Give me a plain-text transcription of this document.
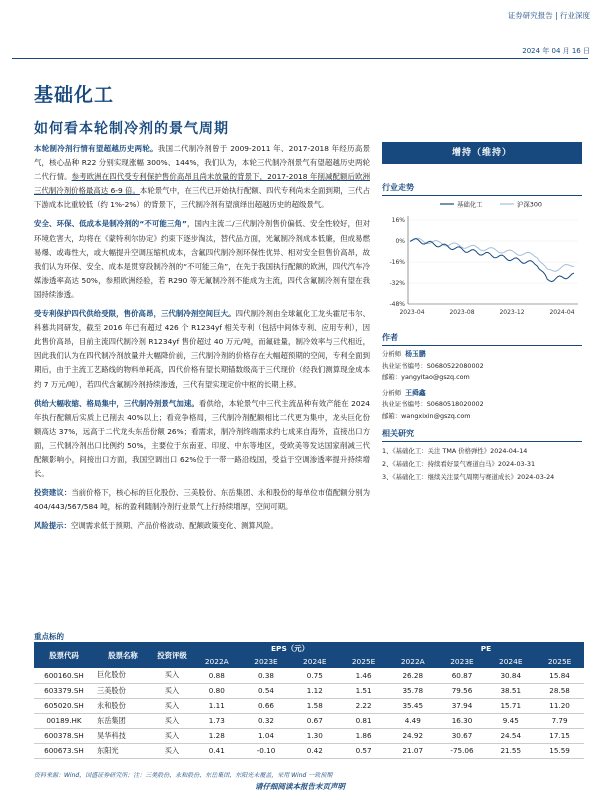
证券研究报告 | 行业深度
2024 年 04 月 16 日
基础化工
如何看本轮制冷剂的景气周期

本轮制冷剂行情有望超越历史两轮。我国二代制冷剂曾于 2009-2011 年、2017-2018 年经历高景气，核心品种 R22 分别实现涨幅 300%、144%，我们认为，本轮三代制冷剂景气有望超越历史两轮二代行情。参考欧洲在四代受专利保护售价高昂且尚未放量的背景下，2017-2018 年削减配额后欧洲三代制冷剂价格最高达 6-9 倍。本轮景气中，在三代已开始执行配额、四代专利尚未全面到期，三代占下游成本比重较低（约 1%-2%）的背景下，三代制冷剂有望演绎出超越历史的超级景气。

安全、环保、低成本是制冷剂的“不可能三角”，国内主流二/三代制冷剂售价偏低、安全性较好，但对环境危害大，均将在《蒙特利尔协定》约束下逐步淘汰，替代品方面，光氟制冷剂成本低廉，但成易燃易爆、或毒性大，或大幅提升空调压缩机成本，含氟四代制冷剂环保性优异、相对安全但售价高昂，故我们认为环保、安全、成本是贯穿段制冷剂的“不可能三角”，在先于我国执行配额的欧洲，四代汽车冷媒渗透率高达 50%，参照欧洲经验，若 R290 等无氟制冷剂不能成为主流，四代含氟制冷剂有望在我国持续渗透。

受专利保护四代供给受限，售价高昂，三代制冷剂空间巨大。四代制冷剂由全球氟化工龙头霍尼韦尔、科慕共同研发，截至 2016 年已有超过 426 个 R1234yf 相关专利（包括中间体专利、应用专利），因此售价高昂，目前主流四代制冷剂 R1234yf 售价超过 40 万元/吨，而氟硅量，制冷效率与三代相近，因此我们认为在四代制冷剂放量并大幅降价前，三代制冷剂的价格存在大幅超预期的空间，专利全面到期后，由于主流工艺路线的物料单耗高，四代价格有望长期锚数级高于三代现价（经我们测算现金成本约 7 万元/吨），若四代含氟制冷剂持续渗透，三代有望实现定价中枢的长期上移。

供给大幅收缩、格局集中，三代制冷剂景气加速。看供给，本轮景气中三代主流品种有效产能在 2024 年执行配额后实质上已削去 40%以上；看竞争格局，三代制冷剂配额相比二代更为集中，龙头巨化份额高达 37%，远高于二代龙头东岳份额 26%；看需求，制冷剂终端需求约七成来自海外，直接出口方面，三代制冷剂出口比例约 50%，主要位于东南亚、印度、中东等地区，受欧美等发达国家削减三代配额影响小，间接出口方面，我国空调出口 62%位于一带一路沿线国，受益于空调渗透率提升持续增长。

投资建议：当前价格下，核心标的巨化股份、三美股份、东岳集团、永和股份的每单位市值配额分别为 404/443/567/584 吨，标的盈利随制冷剂行业景气上行持续增厚，空间可期。

风险提示：空调需求低于预期、产品价格波动、配额政策变化、测算风险。

增持（维持）
行业走势
基础化工	沪深300
16%
0%
-16%
-32%
-48%
2023-04	2023-08	2023-12	2024-04
作者
分析师 杨玉鹏
执业证书编号：S0680522080002
邮箱：yangyitao@gszq.com
分析师 王舜鑫
执业证书编号：S0680518020002
邮箱：wangxixin@gszq.com
相关研究
1、《基础化工：关注 TMA 价格弹性》2024-04-14
2、《基础化工：持续看好景气赛道白马》2024-03-31
3、《基础化工：继续关注景气周期与赛道成长》2024-03-24
重点标的
股票代码	股票名称	投资评级	EPS（元）				PE			
			2022A	2023E	2024E	2025E	2022A	2023E	2024E	2025E
600160.SH	巨化股份	买入	0.88	0.38	0.75	1.46	26.28	60.87	30.84	15.84
603379.SH	三美股份	买入	0.80	0.54	1.12	1.51	35.78	79.56	38.51	28.58
605020.SH	永和股份	买入	1.11	0.66	1.58	2.22	35.45	37.94	15.71	11.20
00189.HK	东岳集团	买入	1.73	0.32	0.67	0.81	4.49	16.30	9.45	7.79
600378.SH	昊华科技	买入	1.28	1.04	1.30	1.86	24.92	30.67	24.54	17.15
600673.SH	东阳光	买入	0.41	-0.10	0.42	0.57	21.07	-75.06	21.55	15.59
资料来源：Wind，国盛证券研究所；注：三美股份、永和股份、东岳集团、东阳光未覆盖，采用 Wind 一致预期
请仔细阅读本报告末页声明
